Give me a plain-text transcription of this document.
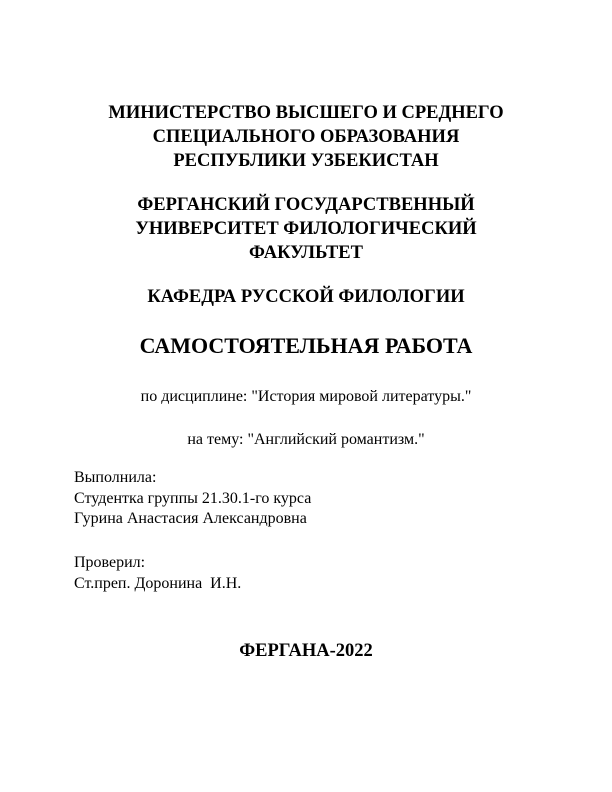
МИНИСТЕРСТВО ВЫСШЕГО И СРЕДНЕГО
СПЕЦИАЛЬНОГО ОБРАЗОВАНИЯ
РЕСПУБЛИКИ УЗБЕКИСТАН
ФЕРГАНСКИЙ ГОСУДАРСТВЕННЫЙ
УНИВЕРСИТЕТ ФИЛОЛОГИЧЕСКИЙ
ФАКУЛЬТЕТ
КАФЕДРА РУССКОЙ ФИЛОЛОГИИ
САМОСТОЯТЕЛЬНАЯ РАБОТА
по дисциплине: "История мировой литературы."
на тему: "Английский романтизм."
Выполнила:
Студентка группы 21.30.1-го курса
Гурина Анастасия Александровна
Проверил:
Ст.преп. Доронина  И.Н.
ФЕРГАНА-2022
